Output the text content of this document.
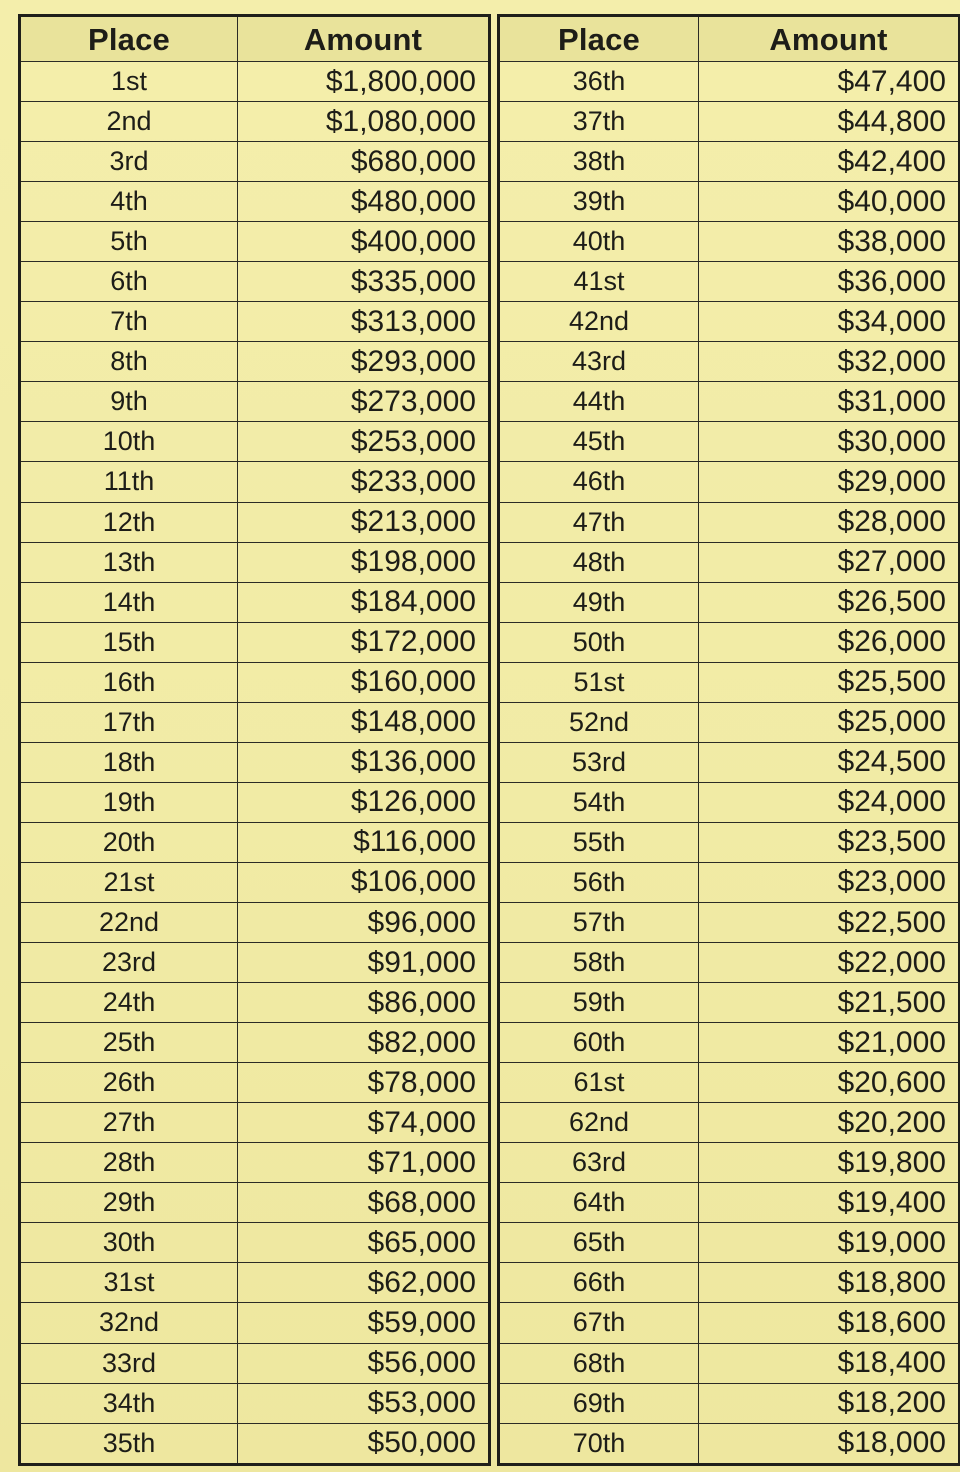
Place	Amount
1st	$1,800,000
2nd	$1,080,000
3rd	$680,000
4th	$480,000
5th	$400,000
6th	$335,000
7th	$313,000
8th	$293,000
9th	$273,000
10th	$253,000
11th	$233,000
12th	$213,000
13th	$198,000
14th	$184,000
15th	$172,000
16th	$160,000
17th	$148,000
18th	$136,000
19th	$126,000
20th	$116,000
21st	$106,000
22nd	$96,000
23rd	$91,000
24th	$86,000
25th	$82,000
26th	$78,000
27th	$74,000
28th	$71,000
29th	$68,000
30th	$65,000
31st	$62,000
32nd	$59,000
33rd	$56,000
34th	$53,000
35th	$50,000
Place	Amount
36th	$47,400
37th	$44,800
38th	$42,400
39th	$40,000
40th	$38,000
41st	$36,000
42nd	$34,000
43rd	$32,000
44th	$31,000
45th	$30,000
46th	$29,000
47th	$28,000
48th	$27,000
49th	$26,500
50th	$26,000
51st	$25,500
52nd	$25,000
53rd	$24,500
54th	$24,000
55th	$23,500
56th	$23,000
57th	$22,500
58th	$22,000
59th	$21,500
60th	$21,000
61st	$20,600
62nd	$20,200
63rd	$19,800
64th	$19,400
65th	$19,000
66th	$18,800
67th	$18,600
68th	$18,400
69th	$18,200
70th	$18,000
